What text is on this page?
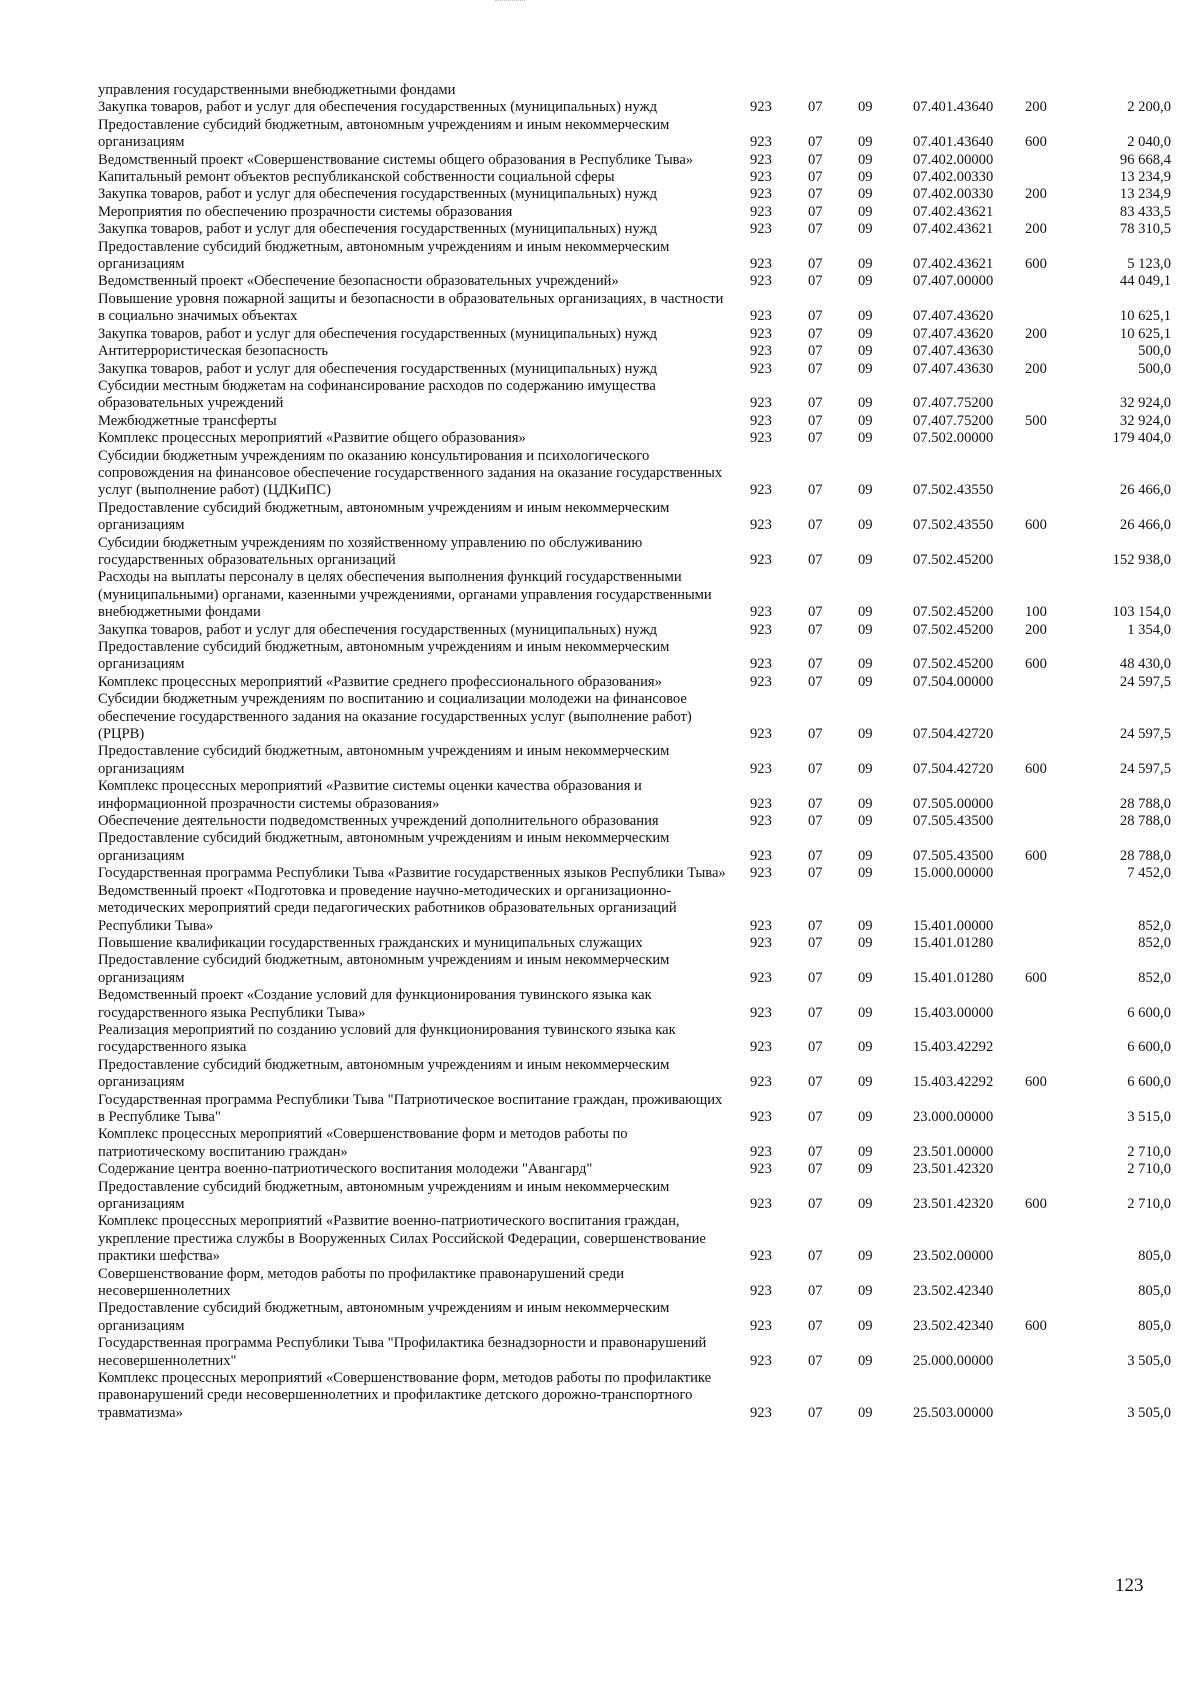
управления государственными внебюджетными фондами						
Закупка товаров, работ и услуг для обеспечения государственных (муниципальных) нужд	923	07	09	07.401.43640	200	2 200,0
Предоставление субсидий бюджетным, автономным учреждениям и иным некоммерческим организациям	923	07	09	07.401.43640	600	2 040,0
Ведомственный проект «Совершенствование системы общего образования в Республике Тыва»	923	07	09	07.402.00000		96 668,4
Капитальный ремонт объектов республиканской собственности социальной сферы	923	07	09	07.402.00330		13 234,9
Закупка товаров, работ и услуг для обеспечения государственных (муниципальных) нужд	923	07	09	07.402.00330	200	13 234,9
Мероприятия по обеспечению прозрачности системы образования	923	07	09	07.402.43621		83 433,5
Закупка товаров, работ и услуг для обеспечения государственных (муниципальных) нужд	923	07	09	07.402.43621	200	78 310,5
Предоставление субсидий бюджетным, автономным учреждениям и иным некоммерческим организациям	923	07	09	07.402.43621	600	5 123,0
Ведомственный проект «Обеспечение безопасности образовательных учреждений»	923	07	09	07.407.00000		44 049,1
Повышение уровня пожарной защиты и безопасности в образовательных организациях, в частности в социально значимых объектах	923	07	09	07.407.43620		10 625,1
Закупка товаров, работ и услуг для обеспечения государственных (муниципальных) нужд	923	07	09	07.407.43620	200	10 625,1
Антитеррористическая безопасность	923	07	09	07.407.43630		500,0
Закупка товаров, работ и услуг для обеспечения государственных (муниципальных) нужд	923	07	09	07.407.43630	200	500,0
Субсидии местным бюджетам на софинансирование расходов по содержанию имущества образовательных учреждений	923	07	09	07.407.75200		32 924,0
Межбюджетные трансферты	923	07	09	07.407.75200	500	32 924,0
Комплекс процессных мероприятий «Развитие общего образования»	923	07	09	07.502.00000		179 404,0
Субсидии бюджетным учреждениям по оказанию консультирования и психологического сопровождения на финансовое обеспечение государственного задания на оказание государственных услуг (выполнение работ) (ЦДКиПС)	923	07	09	07.502.43550		26 466,0
Предоставление субсидий бюджетным, автономным учреждениям и иным некоммерческим организациям	923	07	09	07.502.43550	600	26 466,0
Субсидии бюджетным учреждениям по хозяйственному управлению по обслуживанию государственных образовательных организаций	923	07	09	07.502.45200		152 938,0
Расходы на выплаты персоналу в целях обеспечения выполнения функций государственными (муниципальными) органами, казенными учреждениями, органами управления государственными внебюджетными фондами	923	07	09	07.502.45200	100	103 154,0
Закупка товаров, работ и услуг для обеспечения государственных (муниципальных) нужд	923	07	09	07.502.45200	200	1 354,0
Предоставление субсидий бюджетным, автономным учреждениям и иным некоммерческим организациям	923	07	09	07.502.45200	600	48 430,0
Комплекс процессных мероприятий «Развитие среднего профессионального образования»	923	07	09	07.504.00000		24 597,5
Субсидии бюджетным учреждениям по воспитанию и социализации молодежи на финансовое обеспечение государственного задания на оказание государственных услуг (выполнение работ) (РЦРВ)	923	07	09	07.504.42720		24 597,5
Предоставление субсидий бюджетным, автономным учреждениям и иным некоммерческим организациям	923	07	09	07.504.42720	600	24 597,5
Комплекс процессных мероприятий «Развитие системы оценки качества образования и информационной прозрачности системы образования»	923	07	09	07.505.00000		28 788,0
Обеспечение деятельности подведомственных учреждений дополнительного образования	923	07	09	07.505.43500		28 788,0
Предоставление субсидий бюджетным, автономным учреждениям и иным некоммерческим организациям	923	07	09	07.505.43500	600	28 788,0
Государственная программа Республики Тыва «Развитие государственных языков Республики Тыва»	923	07	09	15.000.00000		7 452,0
Ведомственный проект «Подготовка и проведение научно-методических и организационно-методических мероприятий среди педагогических работников образовательных организаций Республики Тыва»	923	07	09	15.401.00000		852,0
Повышение квалификации государственных гражданских и муниципальных служащих	923	07	09	15.401.01280		852,0
Предоставление субсидий бюджетным, автономным учреждениям и иным некоммерческим организациям	923	07	09	15.401.01280	600	852,0
Ведомственный проект «Создание условий для функционирования тувинского языка как государственного языка Республики Тыва»	923	07	09	15.403.00000		6 600,0
Реализация мероприятий по созданию условий для функционирования тувинского языка как государственного языка	923	07	09	15.403.42292		6 600,0
Предоставление субсидий бюджетным, автономным учреждениям и иным некоммерческим организациям	923	07	09	15.403.42292	600	6 600,0
Государственная программа Республики Тыва "Патриотическое воспитание граждан, проживающих в Республике Тыва"	923	07	09	23.000.00000		3 515,0
Комплекс процессных мероприятий «Совершенствование форм и методов работы по патриотическому воспитанию граждан»	923	07	09	23.501.00000		2 710,0
Содержание центра военно-патриотического воспитания молодежи "Авангард"	923	07	09	23.501.42320		2 710,0
Предоставление субсидий бюджетным, автономным учреждениям и иным некоммерческим организациям	923	07	09	23.501.42320	600	2 710,0
Комплекс процессных мероприятий «Развитие военно-патриотического воспитания граждан, укрепление престижа службы в Вооруженных Силах Российской Федерации, совершенствование практики шефства»	923	07	09	23.502.00000		805,0
Совершенствование форм, методов работы по профилактике правонарушений среди несовершеннолетних	923	07	09	23.502.42340		805,0
Предоставление субсидий бюджетным, автономным учреждениям и иным некоммерческим организациям	923	07	09	23.502.42340	600	805,0
Государственная программа Республики Тыва "Профилактика безнадзорности и правонарушений несовершеннолетних"	923	07	09	25.000.00000		3 505,0
Комплекс процессных мероприятий «Совершенствование форм, методов работы по профилактике правонарушений среди несовершеннолетних и профилактике детского дорожно-транспортного травматизма»	923	07	09	25.503.00000		3 505,0
123
